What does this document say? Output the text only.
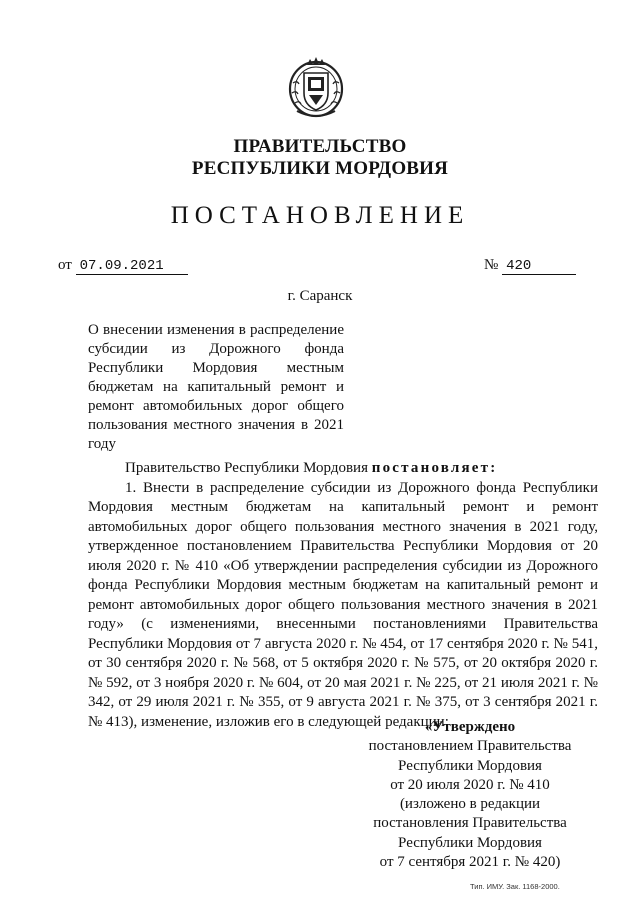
ПРАВИТЕЛЬСТВО
РЕСПУБЛИКИ МОРДОВИЯ
ПОСТАНОВЛЕНИЕ
от 07.09.2021	№ 420
г. Саранск
О внесении изменения в распределение субсидии из Дорожного фонда Республики Мордовия местным бюджетам на капитальный ремонт и ремонт автомобильных дорог общего пользования местного значения в 2021 году

Правительство Республики Мордовия постановляет:

1. Внести в распределение субсидии из Дорожного фонда Республики Мордовия местным бюджетам на капитальный ремонт и ремонт автомобильных дорог общего пользования местного значения в 2021 году, утвержденное постановлением Правительства Республики Мордовия от 20 июля 2020 г. № 410 «Об утверждении распределения субсидии из Дорожного фонда Республики Мордовия местным бюджетам на капитальный ремонт и ремонт автомобильных дорог общего пользования местного значения в 2021 году» (с изменениями, внесенными постановлениями Правительства Республики Мордовия от 7 августа 2020 г. № 454, от 17 сентября 2020 г. № 541, от 30 сентября 2020 г. № 568, от 5 октября 2020 г. № 575, от 20 октября 2020 г. № 592, от 3 ноября 2020 г. № 604, от 20 мая 2021 г. № 225, от 21 июля 2021 г. № 342, от 29 июля 2021 г. № 355, от 9 августа 2021 г. № 375, от 3 сентября 2021 г. № 413), изменение, изложив его в следующей редакции:

«Утверждено
постановлением Правительства
Республики Мордовия
от 20 июля 2020 г. № 410
(изложено в редакции
постановления Правительства
Республики Мордовия
от 7 сентября 2021 г. № 420)
Тип. ИМУ. Зак. 1168-2000.
